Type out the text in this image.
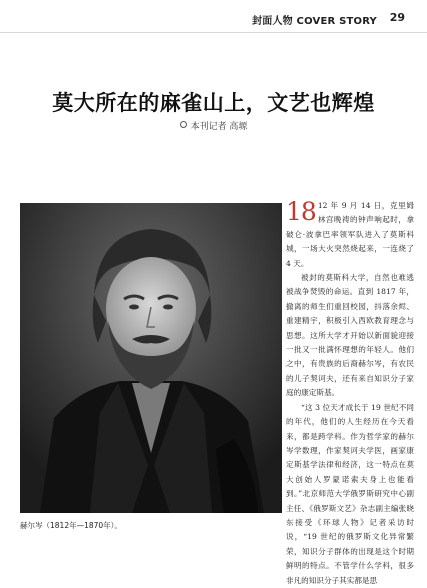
封面人物 COVER STORY 29
莫大所在的麻雀山上，文艺也辉煌
本刊记者 高塬
赫尔岑（1812年—1870年）。

18 12 年 9 月 14 日，克里姆林宫晚祷的钟声响起时，拿破仑·波拿巴率领军队进入了莫斯科城，一场大火突然烧起来，一连烧了 4 天。

被封的莫斯科大学，自然也难逃被战争焚毁的命运。直到 1817 年，撤离的师生们重回校园，抖落余烬、重建精宇，积极引入西欧教育理念与思想。这所大学才开始以新面貌迎接一批又一批满怀理想的年轻人。他们之中，有贵族的后裔赫尔岑，有农民的儿子契诃夫，还有来自知识分子家庭的康定斯基。

“这 3 位天才成长于 19 世纪不同的年代，他们的人生经历在今天看来，都是跨学科。作为哲学家的赫尔岑学数理，作家契诃夫学医，画家康定斯基学法律和经济，这一特点在莫大创始人罗蒙诺索夫身上也能看到。”北京师范大学俄罗斯研究中心副主任、《俄罗斯文艺》杂志副主编张晓东接受《环球人物》记者采访时说，“19 世纪的俄罗斯文化异常繁荣，知识分子群体的出现是这个时期鲜明的特点。不管学什么学科，很多非凡的知识分子其实都是思
